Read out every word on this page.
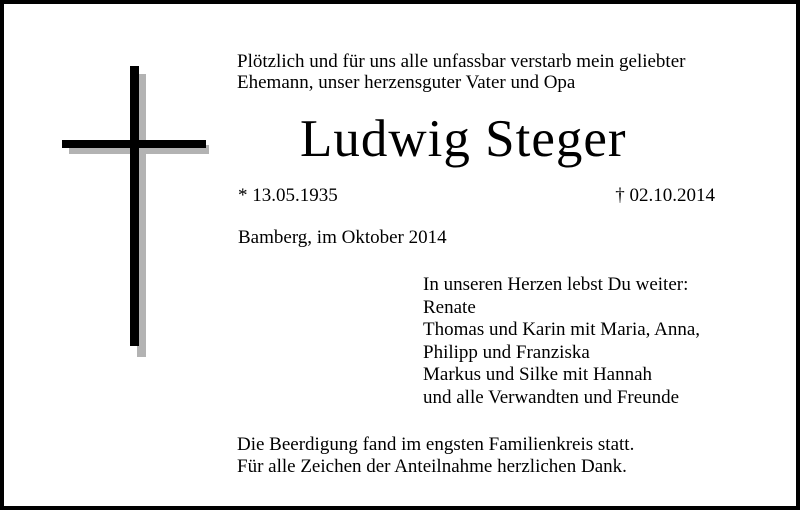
Plötzlich und für uns alle unfassbar verstarb mein geliebter
Ehemann, unser herzensguter Vater und Opa
Ludwig Steger
* 13.05.1935	† 02.10.2014
Bamberg, im Oktober 2014
In unseren Herzen lebst Du weiter:
Renate
Thomas und Karin mit Maria, Anna,
Philipp und Franziska
Markus und Silke mit Hannah
und alle Verwandten und Freunde
Die Beerdigung fand im engsten Familienkreis statt.
Für alle Zeichen der Anteilnahme herzlichen Dank.
